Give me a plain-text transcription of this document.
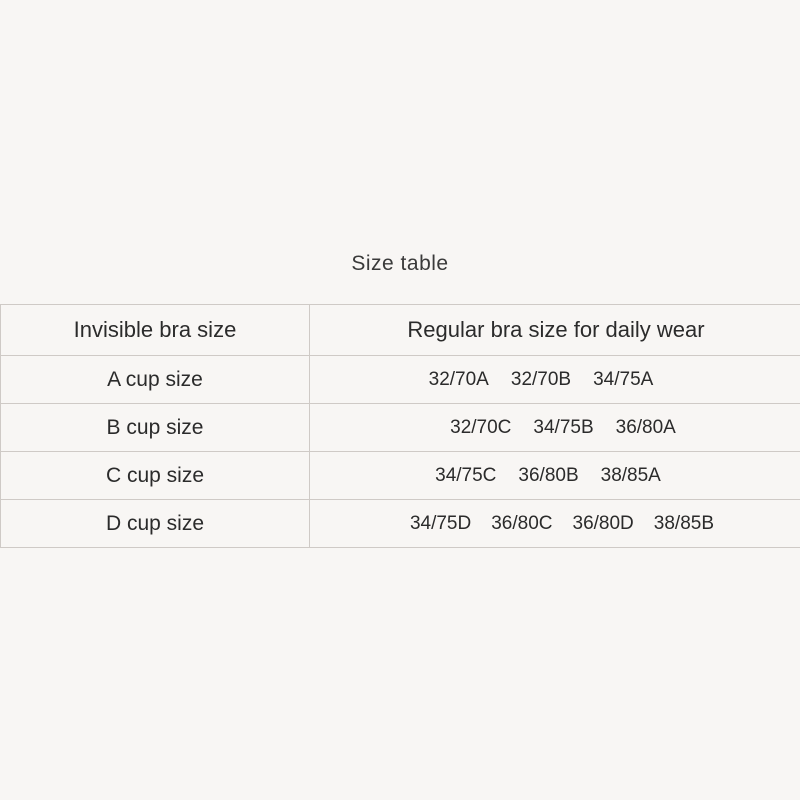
Size table
Invisible bra size	Regular bra size for daily wear
A cup size	32/70A 32/70B 34/75A

B cup size	32/70C 34/75B 36/80A

C cup size	34/75C 36/80B 38/85A

D cup size	34/75D 36/80C 36/80D 38/85B
